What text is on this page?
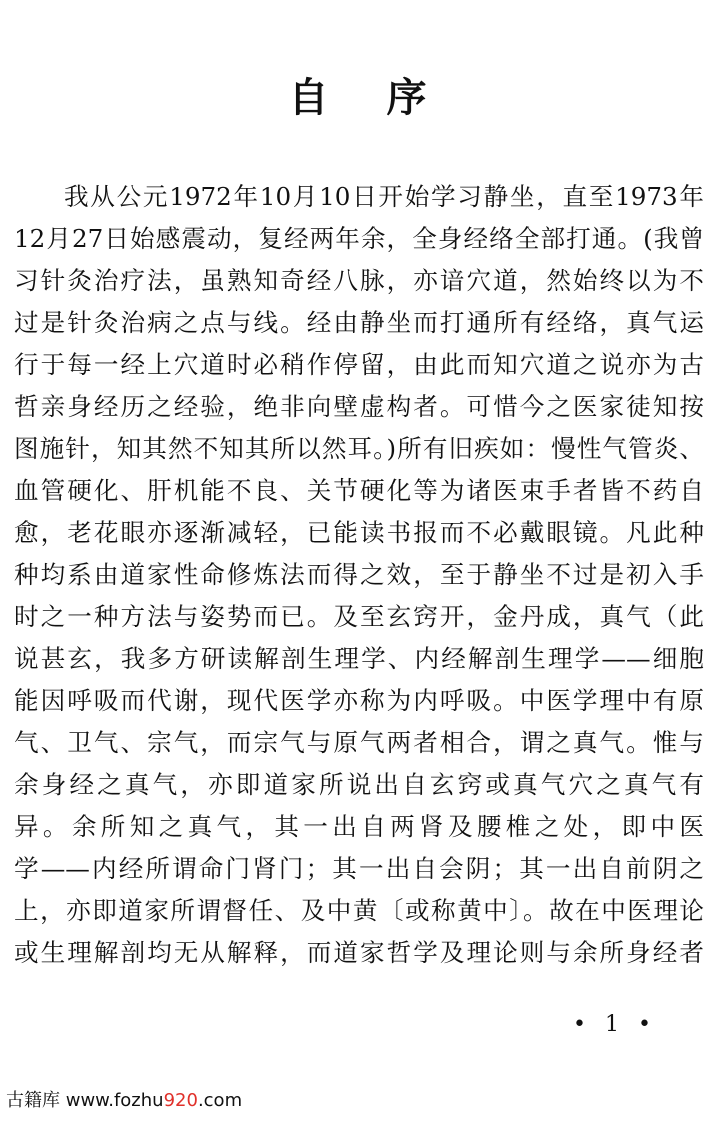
自 序
我从公元1972年10月10日开始学习静坐，直至1973年
12月27日始感震动，复经两年余，全身经络全部打通。(我曾
习针灸治疗法，虽熟知奇经八脉，亦谙穴道，然始终以为不
过是针灸治病之点与线。经由静坐而打通所有经络，真气运
行于每一经上穴道时必稍作停留，由此而知穴道之说亦为古
哲亲身经历之经验，绝非向壁虚构者。可惜今之医家徒知按
图施针，知其然不知其所以然耳。)所有旧疾如：慢性气管炎、
血管硬化、肝机能不良、关节硬化等为诸医束手者皆不药自
愈，老花眼亦逐渐减轻，已能读书报而不必戴眼镜。凡此种
种均系由道家性命修炼法而得之效，至于静坐不过是初入手
时之一种方法与姿势而已。及至玄窍开，金丹成，真气（此
说甚玄，我多方研读解剖生理学、内经解剖生理学——细胞
能因呼吸而代谢，现代医学亦称为内呼吸。中医学理中有原
气、卫气、宗气，而宗气与原气两者相合，谓之真气。惟与
余身经之真气，亦即道家所说出自玄窍或真气穴之真气有
异。余所知之真气，其一出自两肾及腰椎之处，即中医
学——内经所谓命门肾门；其一出自会阴；其一出自前阴之
上，亦即道家所谓督任、及中黄〔或称黄中〕。故在中医理论
或生理解剖均无从解释，而道家哲学及理论则与余所身经者
• 1 •
古籍库 www.fozhu920.com
